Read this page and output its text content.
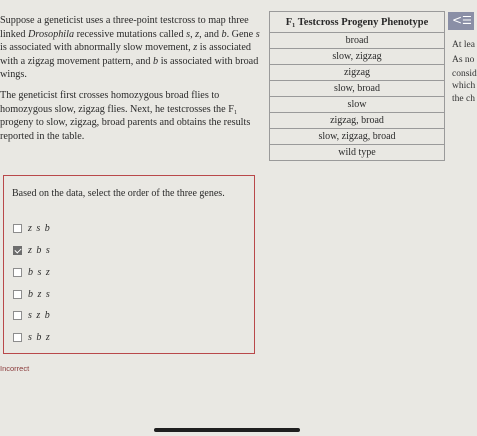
Suppose a geneticist uses a three-point testcross to map three linked Drosophila recessive mutations called s, z, and b. Gene s is associated with abnormally slow movement, z is associated with a zigzag movement pattern, and b is associated with broad wings.

The geneticist first crosses homozygous broad flies to homozygous slow, zigzag flies. Next, he testcrosses the F₁ progeny to slow, zigzag, broad parents and obtains the results reported in the table.

F₁ Testcross Progeny Phenotype
broad
slow, zigzag
zigzag
slow, broad
slow
zigzag, broad
slow, zigzag, broad
wild type
< ☰
At lea
As no
consid
which
the ch

Based on the data, select the order of the three genes.

z s b
z b s
b s z
b z s
s z b
s b z
Incorrect
